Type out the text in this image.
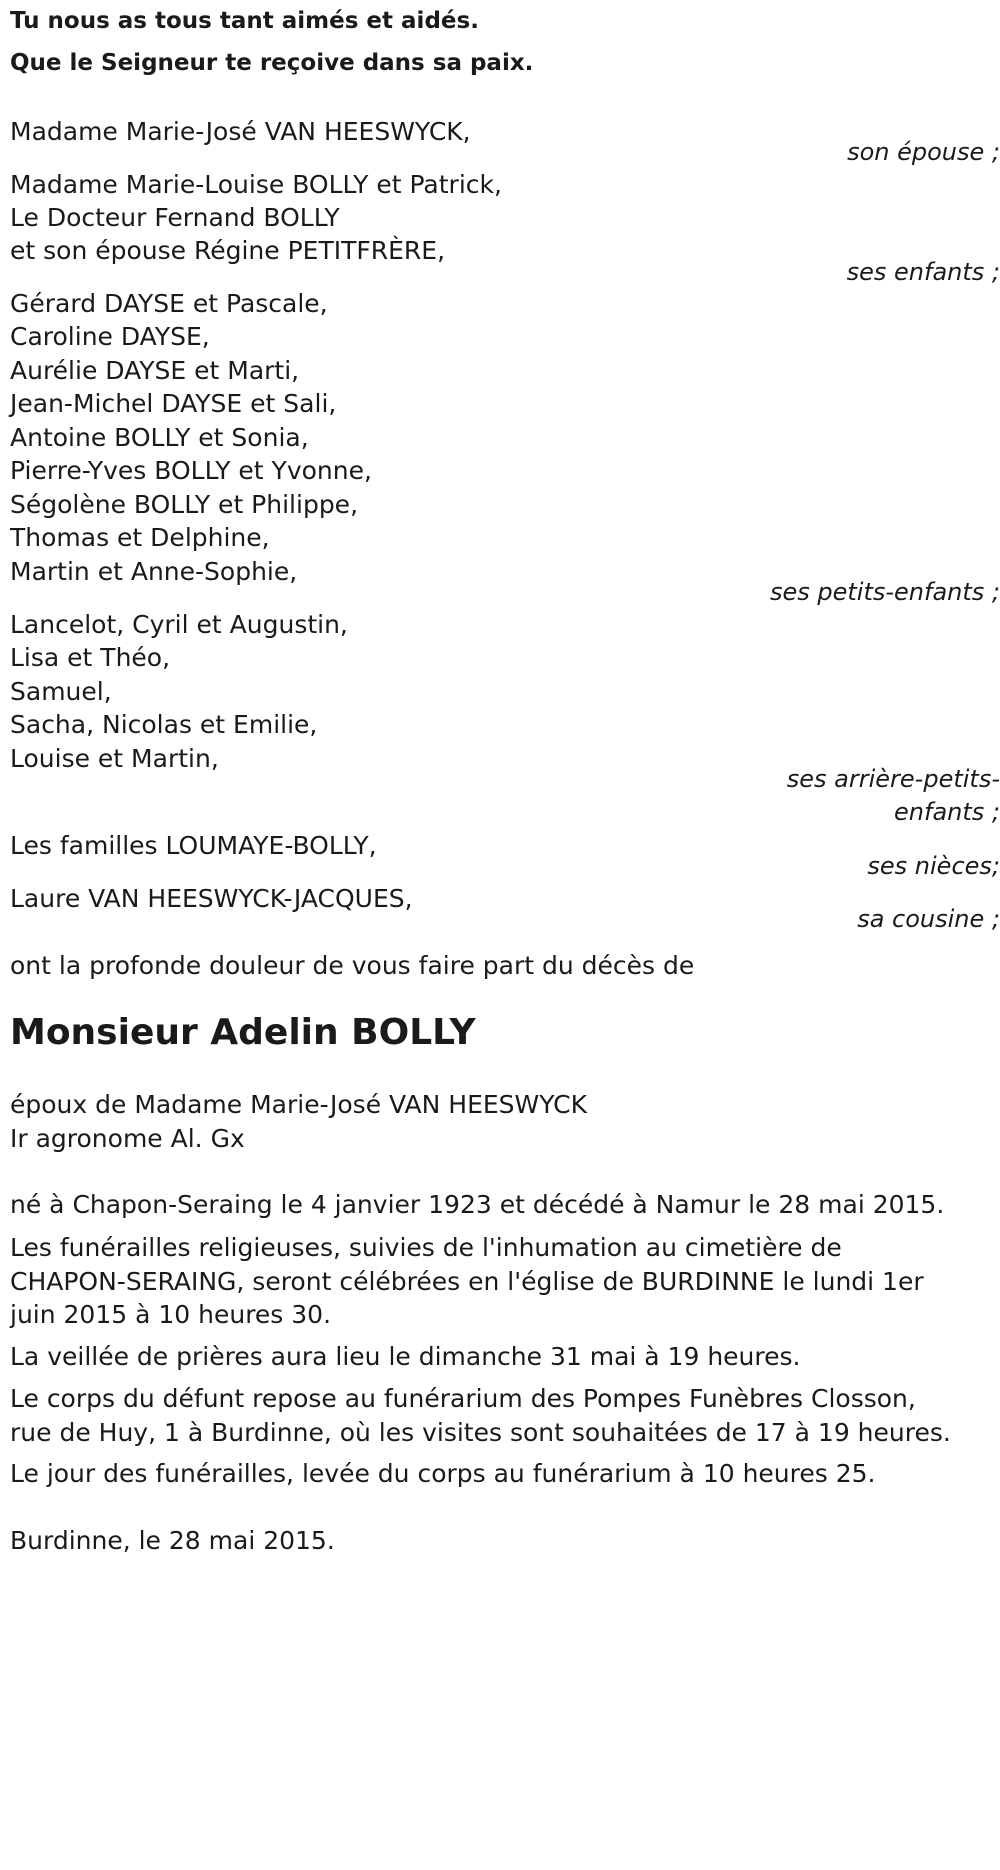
Tu nous as tous tant aimés et aidés.
Que le Seigneur te reçoive dans sa paix.
Madame Marie-José VAN HEESWYCK,
son épouse ;
Madame Marie-Louise BOLLY et Patrick,
Le Docteur Fernand BOLLY
et son épouse Régine PETITFRÈRE,
ses enfants ;
Gérard DAYSE et Pascale,
Caroline DAYSE,
Aurélie DAYSE et Marti,
Jean-Michel DAYSE et Sali,
Antoine BOLLY et Sonia,
Pierre-Yves BOLLY et Yvonne,
Ségolène BOLLY et Philippe,
Thomas et Delphine,
Martin et Anne-Sophie,
ses petits-enfants ;
Lancelot, Cyril et Augustin,
Lisa et Théo,
Samuel,
Sacha, Nicolas et Emilie,
Louise et Martin,
ses arrière-petits-
enfants ;
Les familles LOUMAYE-BOLLY,
ses nièces;
Laure VAN HEESWYCK-JACQUES,
sa cousine ;
ont la profonde douleur de vous faire part du décès de
Monsieur Adelin BOLLY
époux de Madame Marie-José VAN HEESWYCK
Ir agronome Al. Gx
né à Chapon-Seraing le 4 janvier 1923 et décédé à Namur le 28 mai 2015.
Les funérailles religieuses, suivies de l'inhumation au cimetière de
CHAPON-SERAING, seront célébrées en l'église de BURDINNE le lundi 1er
juin 2015 à 10 heures 30.
La veillée de prières aura lieu le dimanche 31 mai à 19 heures.
Le corps du défunt repose au funérarium des Pompes Funèbres Closson,
rue de Huy, 1 à Burdinne, où les visites sont souhaitées de 17 à 19 heures.
Le jour des funérailles, levée du corps au funérarium à 10 heures 25.
Burdinne, le 28 mai 2015.
